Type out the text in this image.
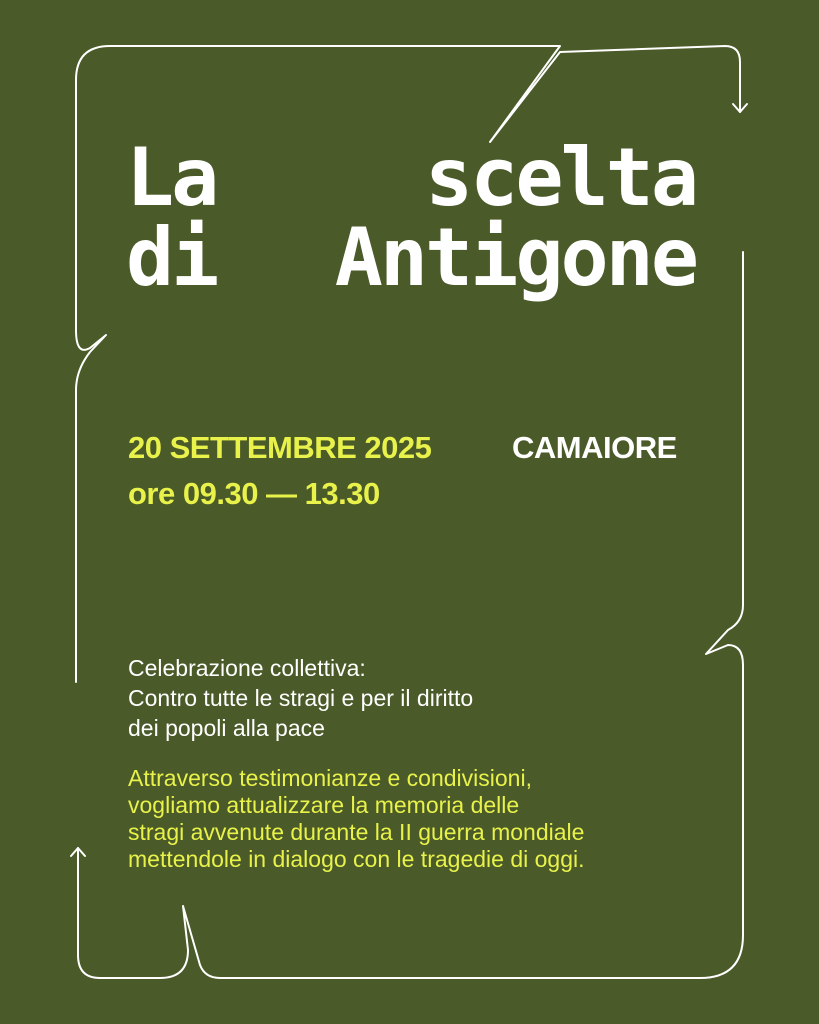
La	scelta
di Antigone
20 SETTEMBRE 2025
ore 09.30 — 13.30
CAMAIORE
Celebrazione collettiva:
Contro tutte le stragi e per il diritto
dei popoli alla pace
Attraverso testimonianze e condivisioni,
vogliamo attualizzare la memoria delle
stragi avvenute durante la II guerra mondiale
mettendole in dialogo con le tragedie di oggi.
